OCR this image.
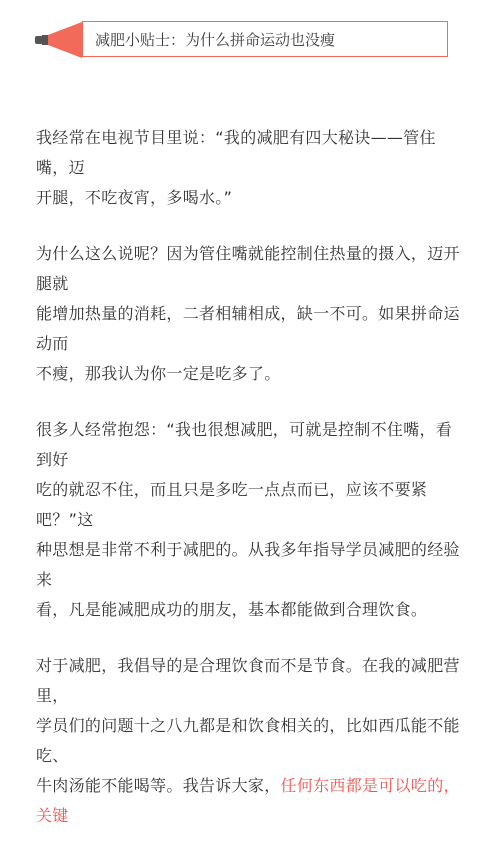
减肥小贴士：为什么拼命运动也没瘦

我经常在电视节目里说：“我的减肥有四大秘诀——管住嘴，迈
开腿，不吃夜宵，多喝水。”

为什么这么说呢？因为管住嘴就能控制住热量的摄入，迈开腿就
能增加热量的消耗，二者相辅相成，缺一不可。如果拼命运动而
不瘦，那我认为你一定是吃多了。

很多人经常抱怨：“我也很想减肥，可就是控制不住嘴，看到好
吃的就忍不住，而且只是多吃一点点而已，应该不要紧吧？”这
种思想是非常不利于减肥的。从我多年指导学员减肥的经验来
看，凡是能减肥成功的朋友，基本都能做到合理饮食。

对于减肥，我倡导的是合理饮食而不是节食。在我的减肥营里，
学员们的问题十之八九都是和饮食相关的，比如西瓜能不能吃、
牛肉汤能不能喝等。我告诉大家，任何东西都是可以吃的，关键
